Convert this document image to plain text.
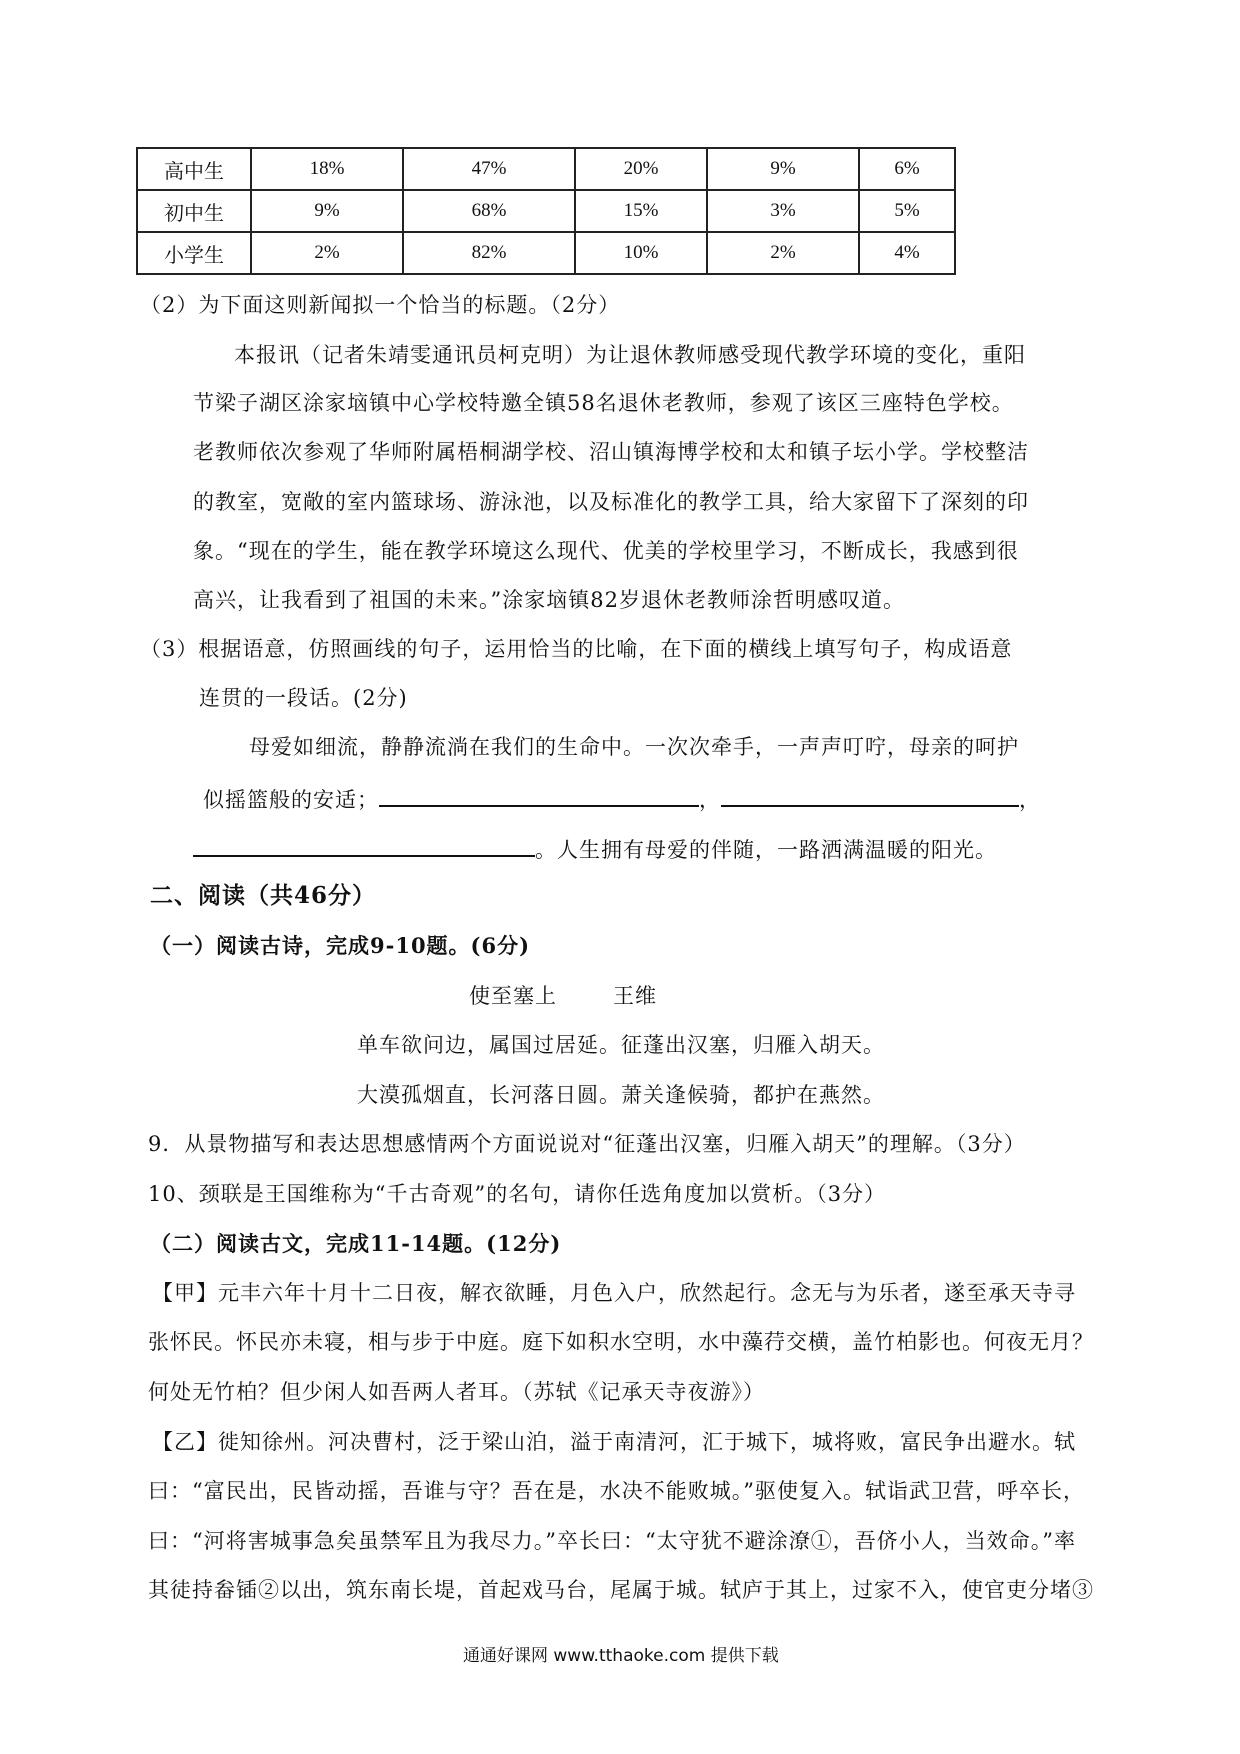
高中生	18%	47%	20%	9%	6%
初中生	9%	68%	15%	3%	5%
小学生	2%	82%	10%	2%	4%
（2）为下面这则新闻拟一个恰当的标题。（2分）
本报讯（记者朱靖雯通讯员柯克明）为让退休教师感受现代教学环境的变化，重阳
节梁子湖区涂家垴镇中心学校特邀全镇58名退休老教师，参观了该区三座特色学校。
老教师依次参观了华师附属梧桐湖学校、沼山镇海博学校和太和镇子坛小学。学校整洁
的教室，宽敞的室内篮球场、游泳池，以及标准化的教学工具，给大家留下了深刻的印
象。“现在的学生，能在教学环境这么现代、优美的学校里学习，不断成长，我感到很
高兴，让我看到了祖国的未来。”涂家垴镇82岁退休老教师涂哲明感叹道。
（3）根据语意，仿照画线的句子，运用恰当的比喻，在下面的横线上填写句子，构成语意
连贯的一段话。(2分)
母爱如细流，静静流淌在我们的生命中。一次次牵手，一声声叮咛，母亲的呵护
似摇篮般的安适；	，	，
。人生拥有母爱的伴随，一路洒满温暖的阳光。
二、阅读（共46分）
（一）阅读古诗，完成9-10题。(6分)
使至塞上	王维
单车欲问边，属国过居延。征蓬出汉塞，归雁入胡天。
大漠孤烟直，长河落日圆。萧关逢候骑，都护在燕然。
9．从景物描写和表达思想感情两个方面说说对“征蓬出汉塞，归雁入胡天”的理解。（3分）
10、颈联是王国维称为“千古奇观”的名句，请你任选角度加以赏析。（3分）
（二）阅读古文，完成11-14题。(12分)
【甲】元丰六年十月十二日夜，解衣欲睡，月色入户，欣然起行。念无与为乐者，遂至承天寺寻
张怀民。怀民亦未寝，相与步于中庭。庭下如积水空明，水中藻荇交横，盖竹柏影也。何夜无月？
何处无竹柏？但少闲人如吾两人者耳。（苏轼《记承天寺夜游》）
【乙】徙知徐州。河决曹村，泛于梁山泊，溢于南清河，汇于城下，城将败，富民争出避水。轼
曰：“富民出，民皆动摇，吾谁与守？吾在是，水决不能败城。”驱使复入。轼诣武卫营，呼卒长，
曰：“河将害城事急矣虽禁军且为我尽力。”卒长曰：“太守犹不避涂潦①，吾侪小人，当效命。”率
其徒持畚锸②以出，筑东南长堤，首起戏马台，尾属于城。轼庐于其上，过家不入，使官吏分堵③
通通好课网 www.tthaoke.com 提供下载
